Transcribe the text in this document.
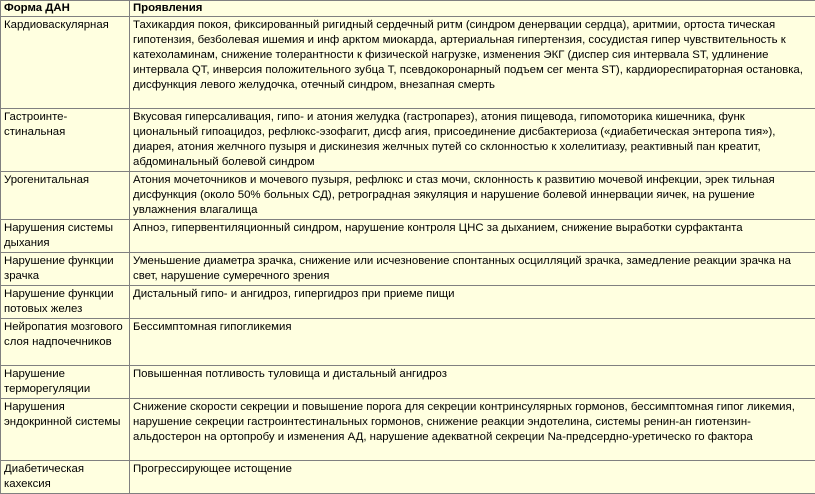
Форма ДАН	Проявления
Кардиоваскулярная	Тахикардия покоя, фиксированный ригидный сердечный ритм (синдром денервации сердца), аритмии, ортоста тическая гипотензия, безболевая ишемия и инф арктом миокарда, артериальная гипертензия, сосудистая гипер чувствительность к катехоламинам, снижение толерантности к физической нагрузке, изменения ЭКГ (диспер сия интервала ST, удлинение интервала QT, инверсия положительного зубца T, псевдокоронарный подъем сег мента ST), кардиореспираторная остановка, дисфункция левого желудочка, отечный синдром, внезапная смерть
Гастроинте-стинальная	Вкусовая гиперсаливация, гипо- и атония желудка (гастропарез), атония пищевода, гипомоторика кишечника, функ циональный гипоацидоз, рефлюкс-эзофагит, дисф агия, присоединение дисбактериоза («диабетическая энтеропа тия»), диарея, атония желчного пузыря и дискинезия желчных путей со склонностью к холелитиазу, реактивный пан креатит, абдоминальный болевой синдром
Урогенитальная	Атония мочеточников и мочевого пузыря, рефлюкс и стаз мочи, склонность к развитию мочевой инфекции, эрек тильная дисфункция (около 50% больных СД), ретроградная эякуляция и нарушение болевой иннервации яичек, на рушение увлажнения влагалища
Нарушения системы дыхания	Апноэ, гипервентиляционный синдром, нарушение контроля ЦНС за дыханием, снижение выработки сурфактанта
Нарушение функции зрачка	Уменьшение диаметра зрачка, снижение или исчезновение спонтанных осцилляций зрачка, замедление реакции зрачка на свет, нарушение сумеречного зрения
Нарушение функции потовых желез	Дистальный гипо- и ангидроз, гипергидроз при приеме пищи
Нейропатия мозгового слоя надпочечников	Бессимптомная гипогликемия
Нарушение терморегуляции	Повышенная потливость туловища и дистальный ангидроз
Нарушения эндокринной системы	Снижение скорости секреции и повышение порога для секреции контринсулярных гормонов, бессимптомная гипог ликемия, нарушение секреции гастроинтестинальных гормонов, снижение реакции эндотелина, системы ренин-ан гиотензин-альдостерон на ортопробу и изменения АД, нарушение адекватной секреции Na-предсердно-уретическо го фактора
Диабетическая кахексия	Прогрессирующее истощение
